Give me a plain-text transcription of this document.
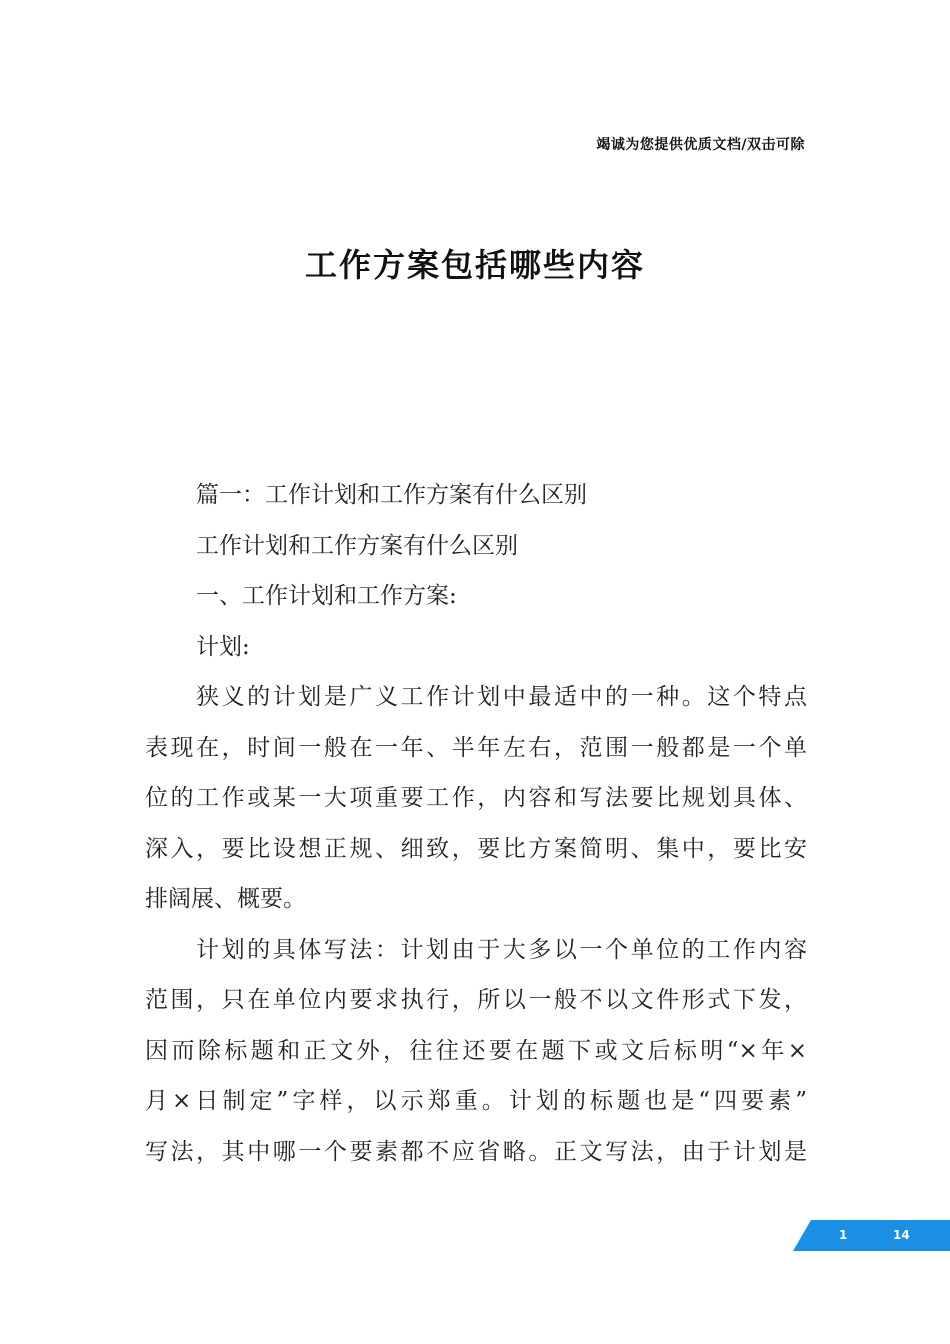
竭诚为您提供优质文档/双击可除
工作方案包括哪些内容
篇一：工作计划和工作方案有什么区别
工作计划和工作方案有什么区别
一、工作计划和工作方案:
计划:
狭义的计划是广义工作计划中最适中的一种。这个特点
表现在，时间一般在一年、半年左右，范围一般都是一个单
位的工作或某一大项重要工作，内容和写法要比规划具体、
深入，要比设想正规、细致，要比方案简明、集中，要比安
排阔展、概要。
计划的具体写法：计划由于大多以一个单位的工作内容
范围，只在单位内要求执行，所以一般不以文件形式下发，
因而除标题和正文外，往往还要在题下或文后标明“×年×
月×日制定”字样，以示郑重。计划的标题也是“四要素”
写法，其中哪一个要素都不应省略。正文写法，由于计划是
1	14
